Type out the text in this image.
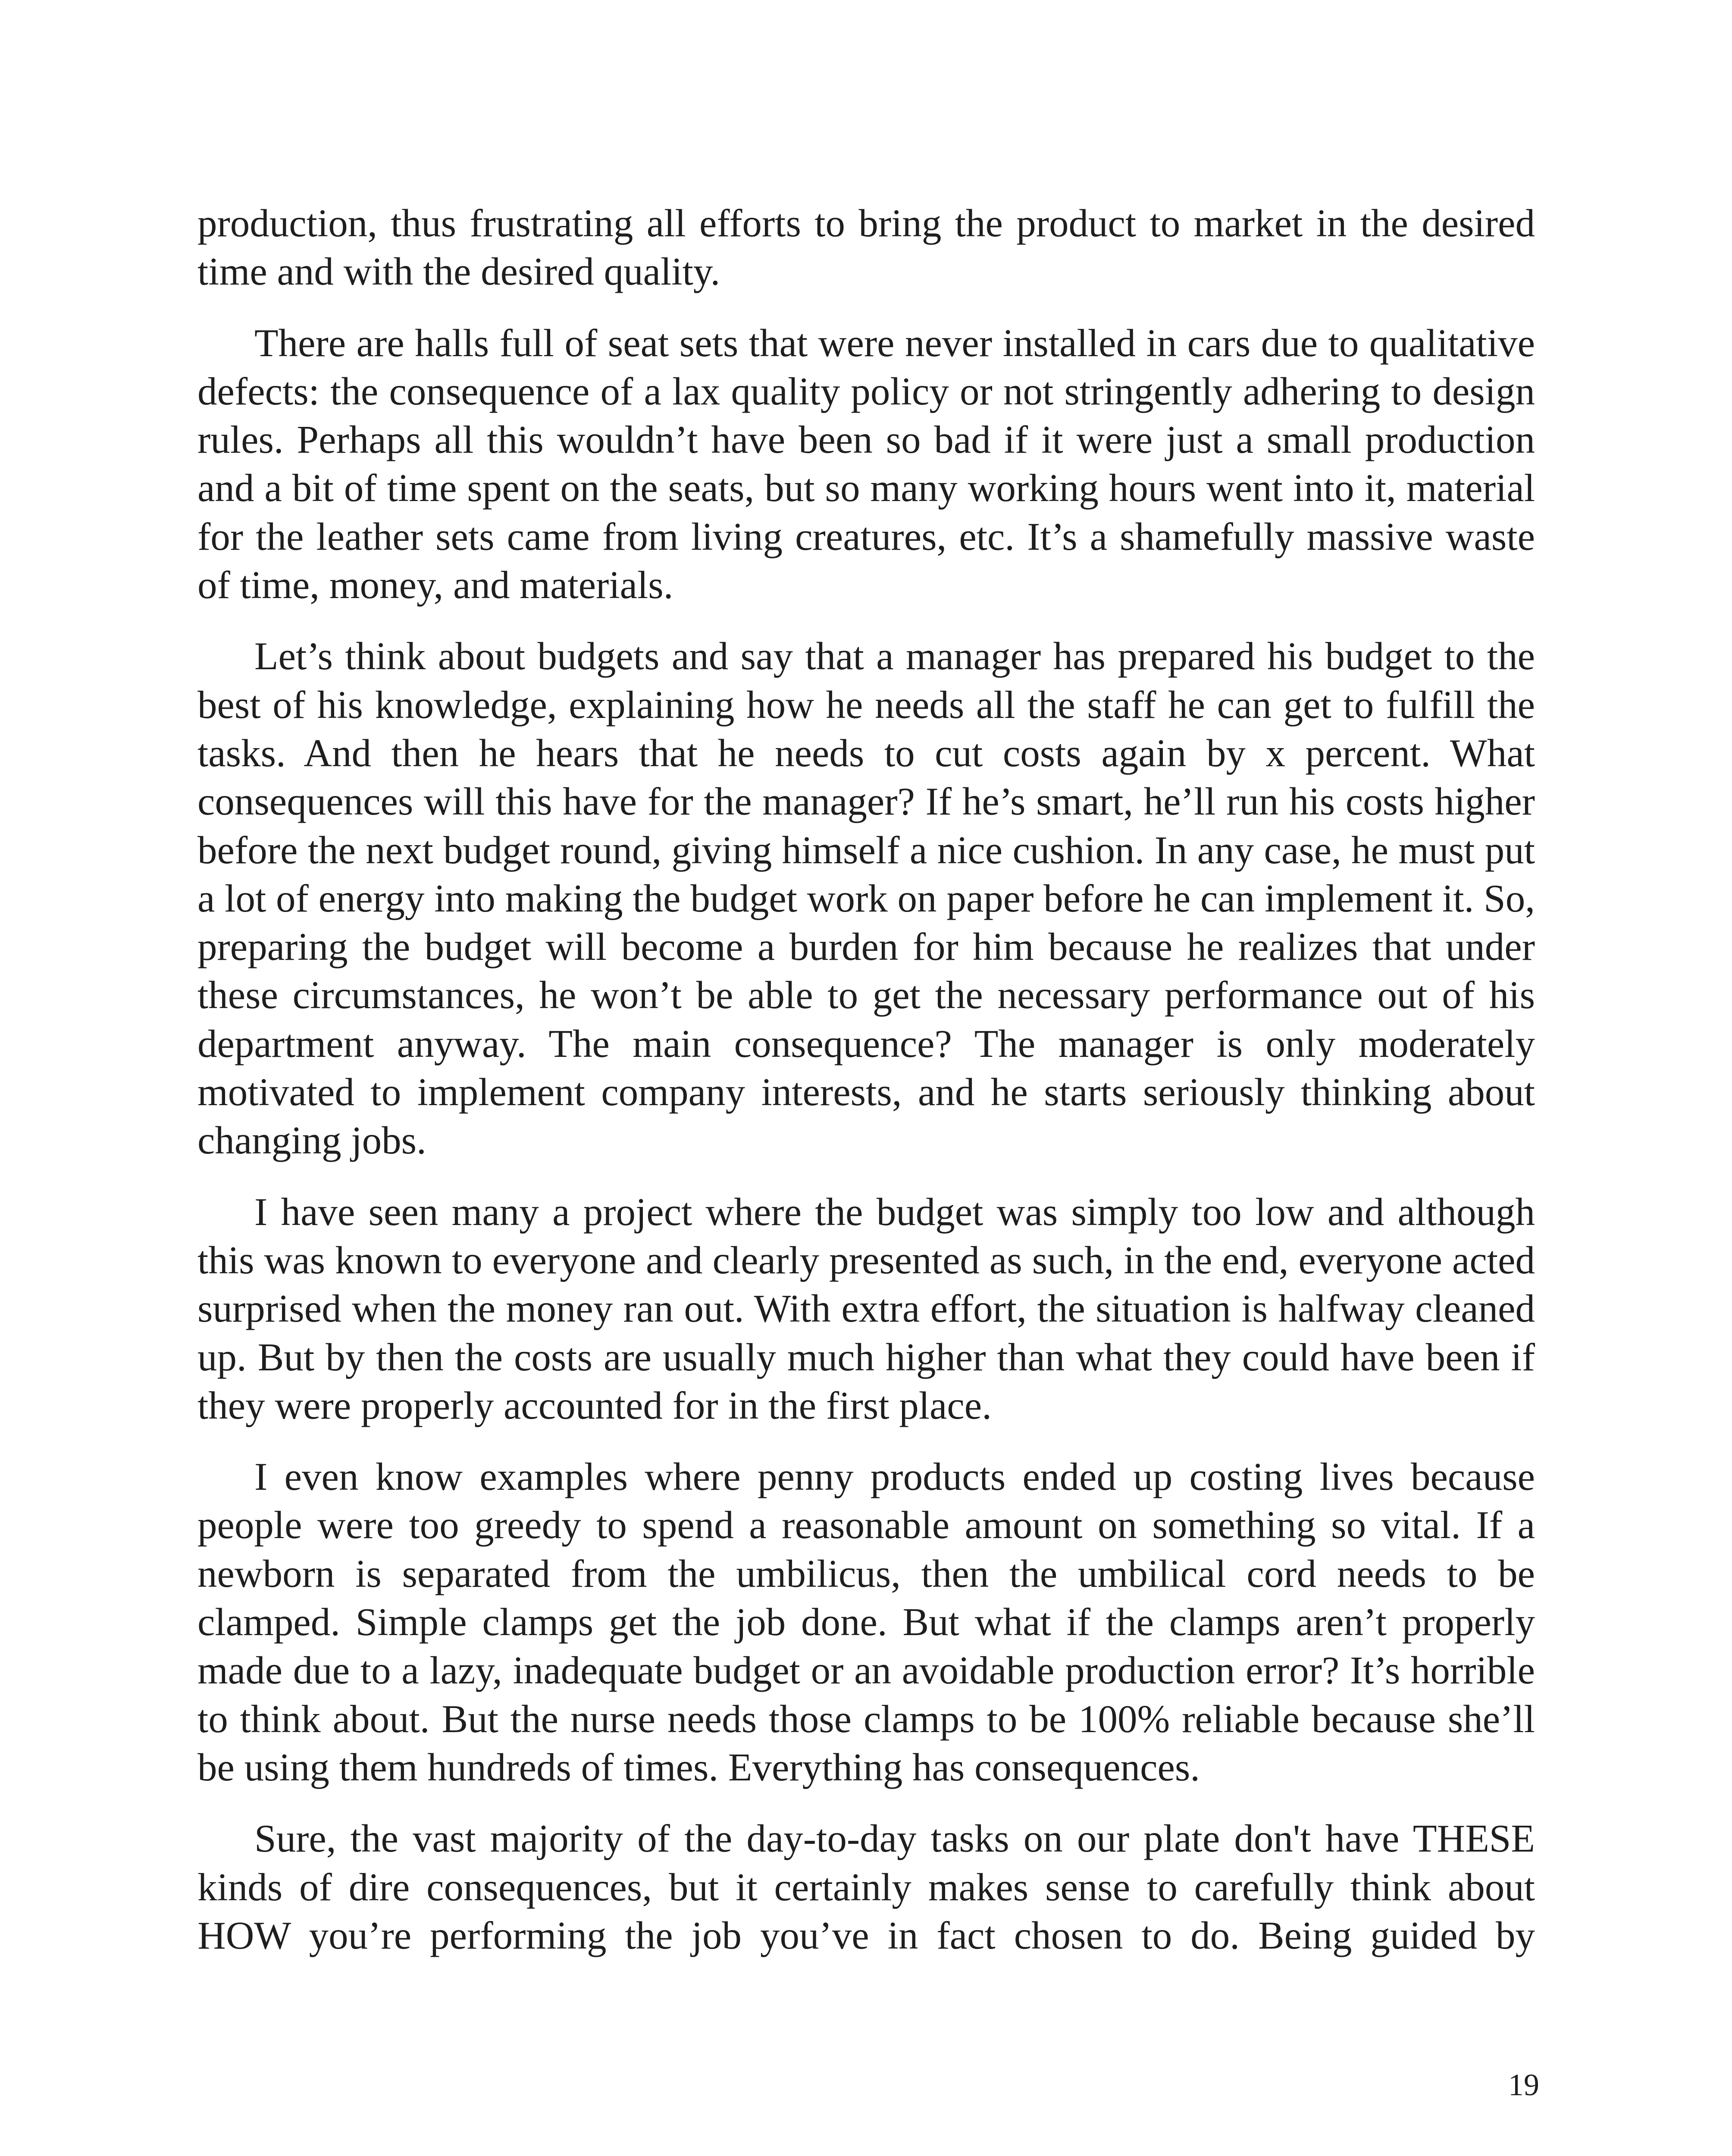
production, thus frustrating all efforts to bring the product to market in the desired time and with the desired quality.

There are halls full of seat sets that were never installed in cars due to qualitative defects: the consequence of a lax quality policy or not stringently adhering to design rules. Perhaps all this wouldn’t have been so bad if it were just a small production and a bit of time spent on the seats, but so many working hours went into it, material for the leather sets came from living creatures, etc. It’s a shamefully massive waste of time, money, and materials.

Let’s think about budgets and say that a manager has prepared his budget to the best of his knowledge, explaining how he needs all the staff he can get to fulfill the tasks. And then he hears that he needs to cut costs again by x percent. What consequences will this have for the manager? If he’s smart, he’ll run his costs higher before the next budget round, giving himself a nice cushion. In any case, he must put a lot of energy into making the budget work on paper before he can implement it. So, preparing the budget will become a burden for him because he realizes that under these circumstances, he won’t be able to get the necessary performance out of his department anyway. The main consequence? The manager is only moderately motivated to implement company interests, and he starts seriously thinking about changing jobs.

I have seen many a project where the budget was simply too low and although this was known to everyone and clearly presented as such, in the end, everyone acted surprised when the money ran out. With extra effort, the situation is halfway cleaned up. But by then the costs are usually much higher than what they could have been if they were properly accounted for in the first place.

I even know examples where penny products ended up costing lives because people were too greedy to spend a reasonable amount on something so vital. If a newborn is separated from the umbilicus, then the umbilical cord needs to be clamped. Simple clamps get the job done. But what if the clamps aren’t properly made due to a lazy, inadequate budget or an avoidable production error? It’s horrible to think about. But the nurse needs those clamps to be 100% reliable because she’ll be using them hundreds of times. Everything has consequences.

Sure, the vast majority of the day-to-day tasks on our plate don't have THESE kinds of dire consequences, but it certainly makes sense to carefully think about HOW you’re performing the job you’ve in fact chosen to do. Being guided by

19
